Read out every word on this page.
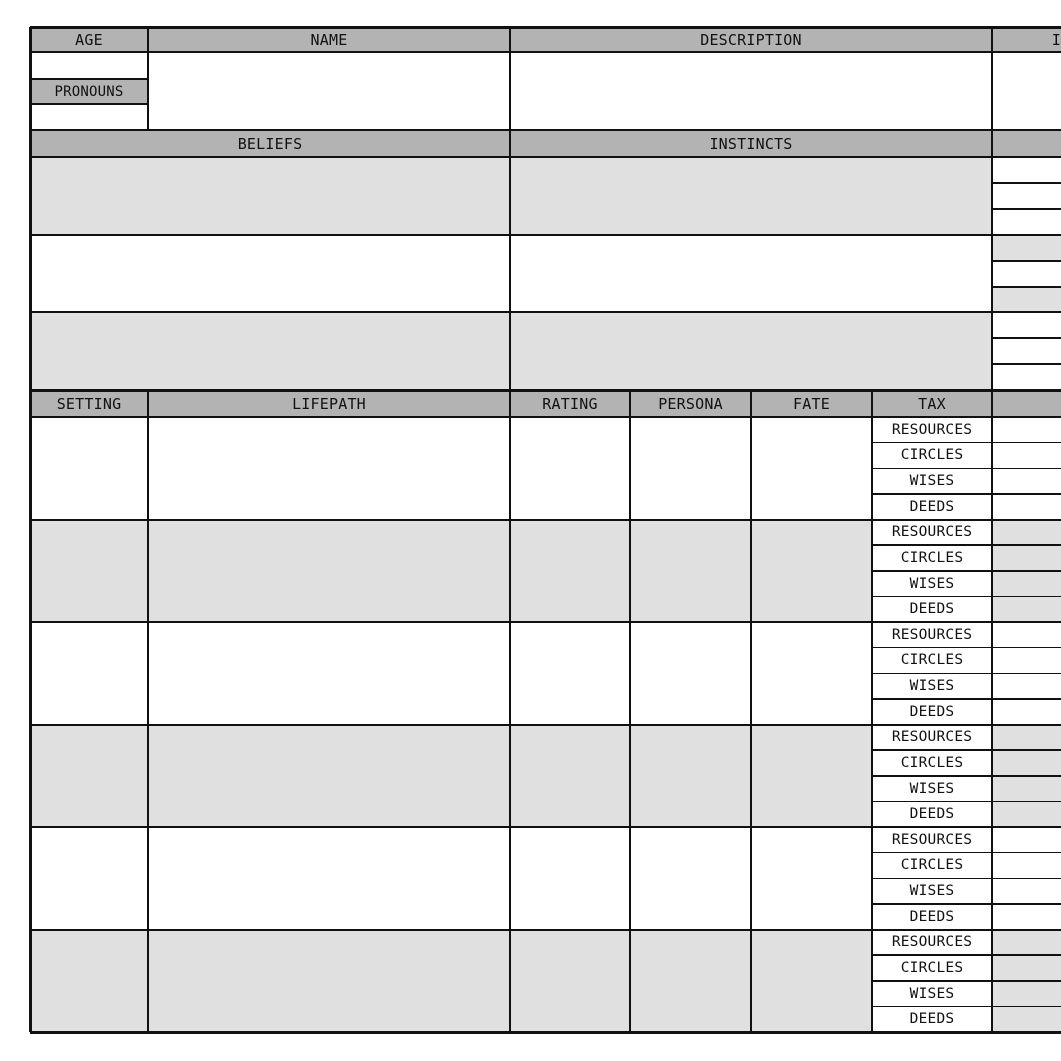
AGE	NAME	DESCRIPTION	I
PRONOUNS
BELIEFS	INSTINCTS
SETTING	LIFEPATH	RATING	PERSONA	FATE	TAX
RESOURCES
CIRCLES
WISES
DEEDS
RESOURCES
CIRCLES
WISES
DEEDS
RESOURCES
CIRCLES
WISES
DEEDS
RESOURCES
CIRCLES
WISES
DEEDS
RESOURCES
CIRCLES
WISES
DEEDS
RESOURCES
CIRCLES
WISES
DEEDS
